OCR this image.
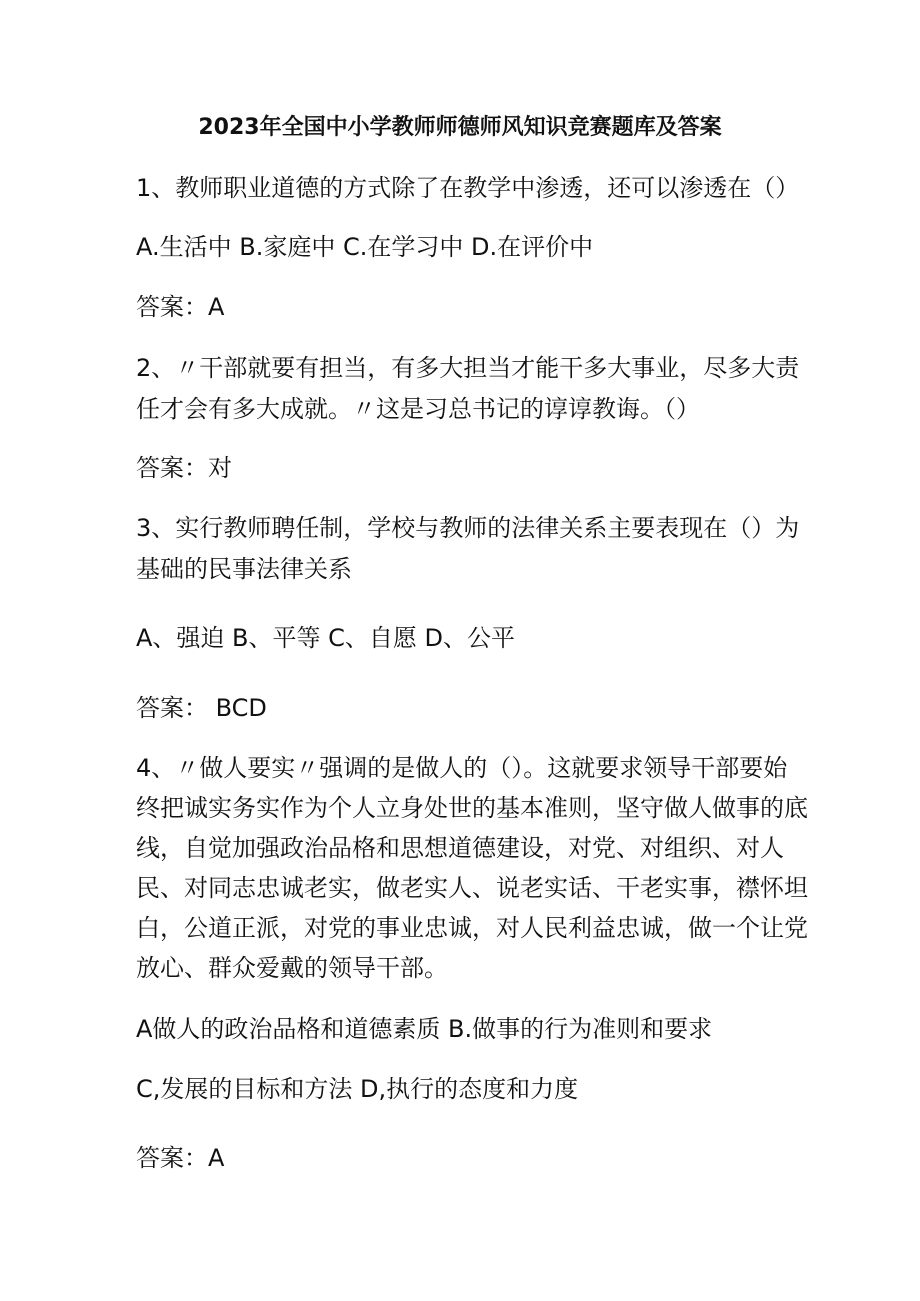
2023年全国中小学教师师德师风知识竞赛题库及答案
1、教师职业道德的方式除了在教学中渗透，还可以渗透在（）
A.生活中 B.家庭中 C.在学习中 D.在评价中
答案：A
2、〃干部就要有担当，有多大担当才能干多大事业，尽多大责
任才会有多大成就。〃这是习总书记的谆谆教诲。（）
答案：对
3、实行教师聘任制，学校与教师的法律关系主要表现在（）为
基础的民事法律关系
A、强迫 B、平等 C、自愿 D、公平
答案： BCD
4、〃做人要实〃强调的是做人的（）。这就要求领导干部要始
终把诚实务实作为个人立身处世的基本准则，坚守做人做事的底
线，自觉加强政治品格和思想道德建设，对党、对组织、对人
民、对同志忠诚老实，做老实人、说老实话、干老实事，襟怀坦
白，公道正派，对党的事业忠诚，对人民利益忠诚，做一个让党
放心、群众爱戴的领导干部。
A做人的政治品格和道德素质 B.做事的行为准则和要求
C,发展的目标和方法 D,执行的态度和力度
答案：A
